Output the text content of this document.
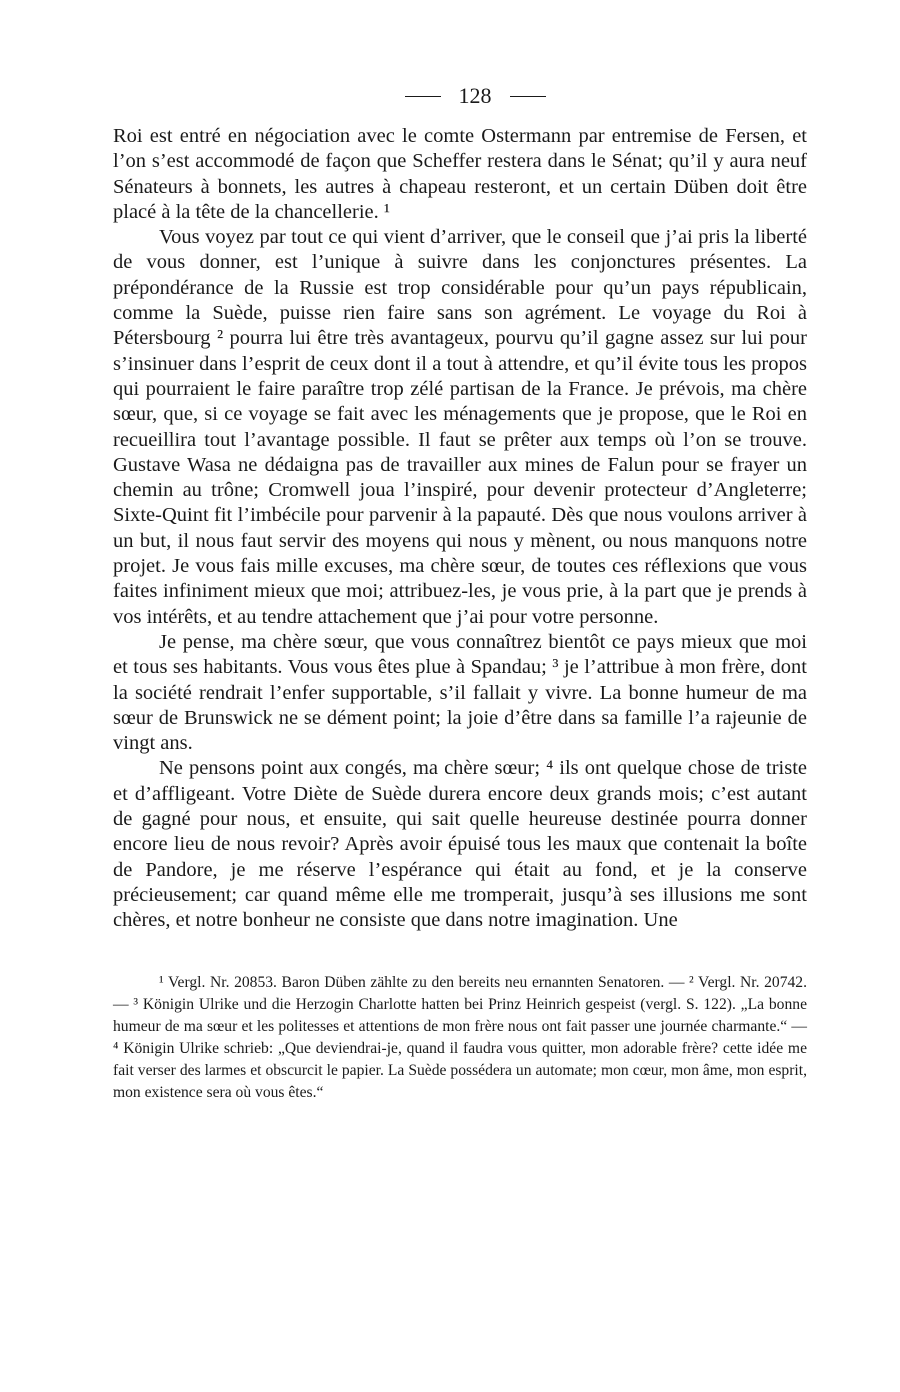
128

Roi est entré en négociation avec le comte Ostermann par entremise de Fersen, et l’on s’est accommodé de façon que Scheffer restera dans le Sénat; qu’il y aura neuf Sénateurs à bonnets, les autres à chapeau resteront, et un certain Düben doit être placé à la tête de la chancellerie. ¹

Vous voyez par tout ce qui vient d’arriver, que le conseil que j’ai pris la liberté de vous donner, est l’unique à suivre dans les conjonctures présentes. La prépondérance de la Russie est trop considérable pour qu’un pays républicain, comme la Suède, puisse rien faire sans son agrément. Le voyage du Roi à Pétersbourg ² pourra lui être très avantageux, pourvu qu’il gagne assez sur lui pour s’insinuer dans l’esprit de ceux dont il a tout à attendre, et qu’il évite tous les propos qui pourraient le faire paraître trop zélé partisan de la France. Je prévois, ma chère sœur, que, si ce voyage se fait avec les ménagements que je propose, que le Roi en recueillira tout l’avantage possible. Il faut se prêter aux temps où l’on se trouve. Gustave Wasa ne dédaigna pas de travailler aux mines de Falun pour se frayer un chemin au trône; Cromwell joua l’inspiré, pour devenir protecteur d’Angleterre; Sixte-Quint fit l’imbécile pour parvenir à la papauté. Dès que nous voulons arriver à un but, il nous faut servir des moyens qui nous y mènent, ou nous manquons notre projet. Je vous fais mille excuses, ma chère sœur, de toutes ces réflexions que vous faites infiniment mieux que moi; attribuez-les, je vous prie, à la part que je prends à vos intérêts, et au tendre attachement que j’ai pour votre personne.

Je pense, ma chère sœur, que vous connaîtrez bientôt ce pays mieux que moi et tous ses habitants. Vous vous êtes plue à Spandau; ³ je l’attribue à mon frère, dont la société rendrait l’enfer supportable, s’il fallait y vivre. La bonne humeur de ma sœur de Brunswick ne se dément point; la joie d’être dans sa famille l’a rajeunie de vingt ans.

Ne pensons point aux congés, ma chère sœur; ⁴ ils ont quelque chose de triste et d’affligeant. Votre Diète de Suède durera encore deux grands mois; c’est autant de gagné pour nous, et ensuite, qui sait quelle heureuse destinée pourra donner encore lieu de nous revoir? Après avoir épuisé tous les maux que contenait la boîte de Pandore, je me réserve l’espérance qui était au fond, et je la conserve précieusement; car quand même elle me tromperait, jusqu’à ses illusions me sont chères, et notre bonheur ne consiste que dans notre imagination. Une

¹ Vergl. Nr. 20853. Baron Düben zählte zu den bereits neu ernannten Senatoren. — ² Vergl. Nr. 20742. — ³ Königin Ulrike und die Herzogin Charlotte hatten bei Prinz Heinrich gespeist (vergl. S. 122). „La bonne humeur de ma sœur et les politesses et attentions de mon frère nous ont fait passer une journée charmante.“ — ⁴ Königin Ulrike schrieb: „Que deviendrai-je, quand il faudra vous quitter, mon adorable frère? cette idée me fait verser des larmes et obscurcit le papier. La Suède possédera un automate; mon cœur, mon âme, mon esprit, mon existence sera où vous êtes.“
